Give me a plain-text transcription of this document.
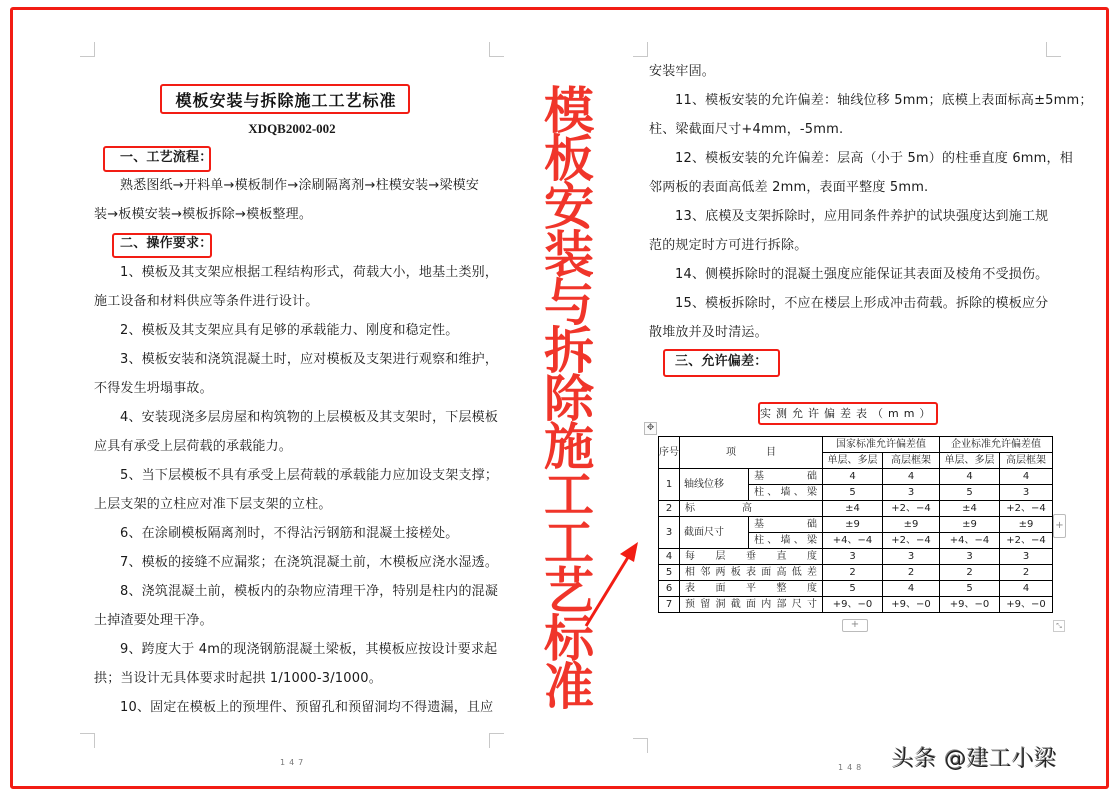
模板安装与拆除施工工艺标准
XDQB2002-002
一、工艺流程：
熟悉图纸→开料单→模板制作→涂刷隔离剂→柱模安装→梁模安
装→板模安装→模板拆除→模板整理。
二、操作要求：
1、模板及其支架应根据工程结构形式，荷载大小，地基土类别，
施工设备和材料供应等条件进行设计。
2、模板及其支架应具有足够的承载能力、刚度和稳定性。
3、模板安装和浇筑混凝土时，应对模板及支架进行观察和维护，
不得发生坍塌事故。
4、安装现浇多层房屋和构筑物的上层模板及其支架时，下层模板
应具有承受上层荷载的承载能力。
5、当下层模板不具有承受上层荷载的承载能力应加设支架支撑；
上层支架的立柱应对准下层支架的立柱。
6、在涂刷模板隔离剂时，不得沾污钢筋和混凝土接槎处。
7、模板的接缝不应漏浆；在浇筑混凝土前，木模板应浇水湿透。
8、浇筑混凝土前，模板内的杂物应清理干净，特别是柱内的混凝
土掉渣要处理干净。
9、跨度大于 4m的现浇钢筋混凝土梁板，其模板应按设计要求起
拱；当设计无具体要求时起拱 1/1000-3/1000。
10、固定在模板上的预埋件、预留孔和预留洞均不得遗漏，且应
147
模板安装与拆除施工工艺标准
安装牢固。
11、模板安装的允许偏差：轴线位移 5mm；底模上表面标高±5mm；
柱、梁截面尺寸+4mm，-5mm.
12、模板安装的允许偏差：层高（小于 5m）的柱垂直度 6mm，相
邻两板的表面高低差 2mm，表面平整度 5mm.
13、底模及支架拆除时，应用同条件养护的试块强度达到施工规
范的规定时方可进行拆除。
14、侧模拆除时的混凝土强度应能保证其表面及棱角不受损伤。
15、模板拆除时，不应在楼层上形成冲击荷载。拆除的模板应分
散堆放并及时清运。
三、允许偏差：
实测允许偏差表（mm）
✥
序号	项　　　目		国家标准允许偏差值		企业标准允许偏差值	
			单层、多层	高层框架	单层、多层	高层框架
1	轴线位移	基　础	4	4	4	4
		柱、墙、梁	5	3	5	3
2	标　高		±4	+2、−4	±4	+2、−4
3	截面尺寸	基　础	±9	±9	±9	±9
		柱、墙、梁	+4、−4	+2、−4	+4、−4	+2、−4
4	每层垂直度		3	3	3	3
5	相邻两板表面高低差		2	2	2	2
6	表面平整度		5	4	5	4
7	预留洞截面内部尺寸		+9、−0	+9、−0	+9、−0	+9、−0
+
+	⤡
148 头条 @建工小梁
